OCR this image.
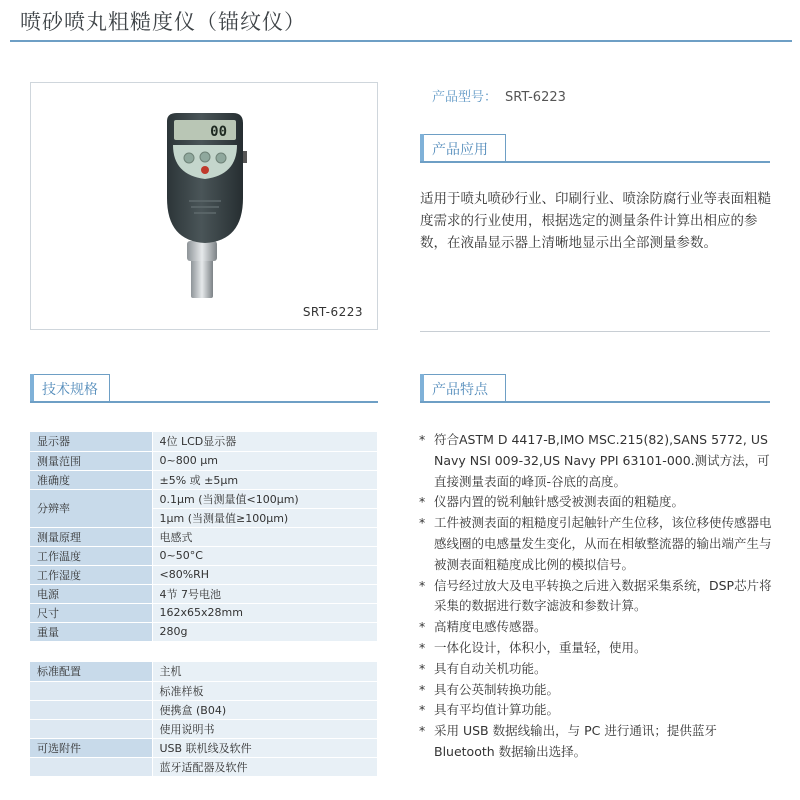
喷砂喷丸粗糙度仪（锚纹仪）
00
SRT-6223
产品型号： SRT-6223
产品应用
适用于喷丸喷砂行业、印刷行业、喷涂防腐行业等表面粗糙度需求的行业使用，根据选定的测量条件计算出相应的参数，在液晶显示器上清晰地显示出全部测量参数。
技术规格
显示器	4位 LCD显示器
测量范围	0~800 μm
准确度	±5% 或 ±5μm
分辨率	0.1μm (当测量值<100μm)
	1μm (当测量值≥100μm)
测量原理	电感式
工作温度	0~50°C
工作湿度	<80%RH
电源	4节 7号电池
尺寸	162x65x28mm
重量	280g
标准配置	主机
	标准样板
	便携盒 (B04)
	使用说明书
可选附件	USB 联机线及软件
	蓝牙适配器及软件
产品特点
* 符合ASTM D 4417-B,IMO MSC.215(82),SANS 5772, US Navy NSI 009-32,US Navy PPI 63101-000.测试方法，可直接测量表面的峰顶-谷底的高度。
* 仪器内置的锐利触针感受被测表面的粗糙度。
* 工件被测表面的粗糙度引起触针产生位移，该位移使传感器电感线圈的电感量发生变化，从而在相敏整流器的输出端产生与被测表面粗糙度成比例的模拟信号。
* 信号经过放大及电平转换之后进入数据采集系统，DSP芯片将采集的数据进行数字滤波和参数计算。
* 高精度电感传感器。
* 一体化设计，体积小，重量轻，使用。
* 具有自动关机功能。
* 具有公英制转换功能。
* 具有平均值计算功能。
* 采用 USB 数据线输出，与 PC 进行通讯；提供蓝牙 Bluetooth 数据输出选择。
